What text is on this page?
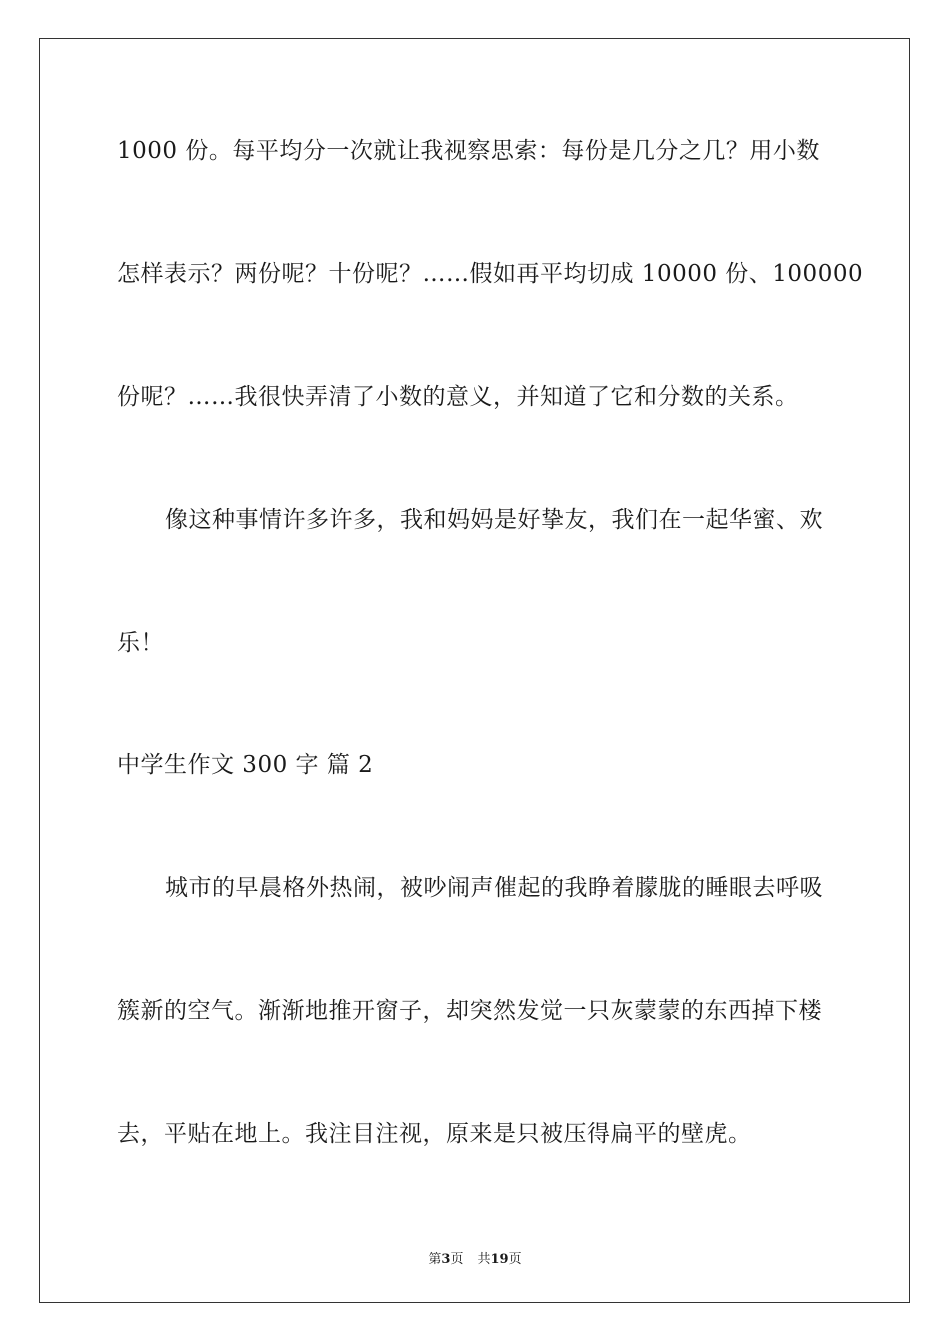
1000 份。每平均分一次就让我视察思索：每份是几分之几？用小数

怎样表示？两份呢？十份呢？……假如再平均切成 10000 份、100000

份呢？……我很快弄清了小数的意义，并知道了它和分数的关系。

像这种事情许多许多，我和妈妈是好挚友，我们在一起华蜜、欢

乐！

中学生作文 300 字 篇 2

城市的早晨格外热闹，被吵闹声催起的我睁着朦胧的睡眼去呼吸

簇新的空气。渐渐地推开窗子，却突然发觉一只灰蒙蒙的东西掉下楼

去，平贴在地上。我注目注视，原来是只被压得扁平的壁虎。

第3页 共19页
